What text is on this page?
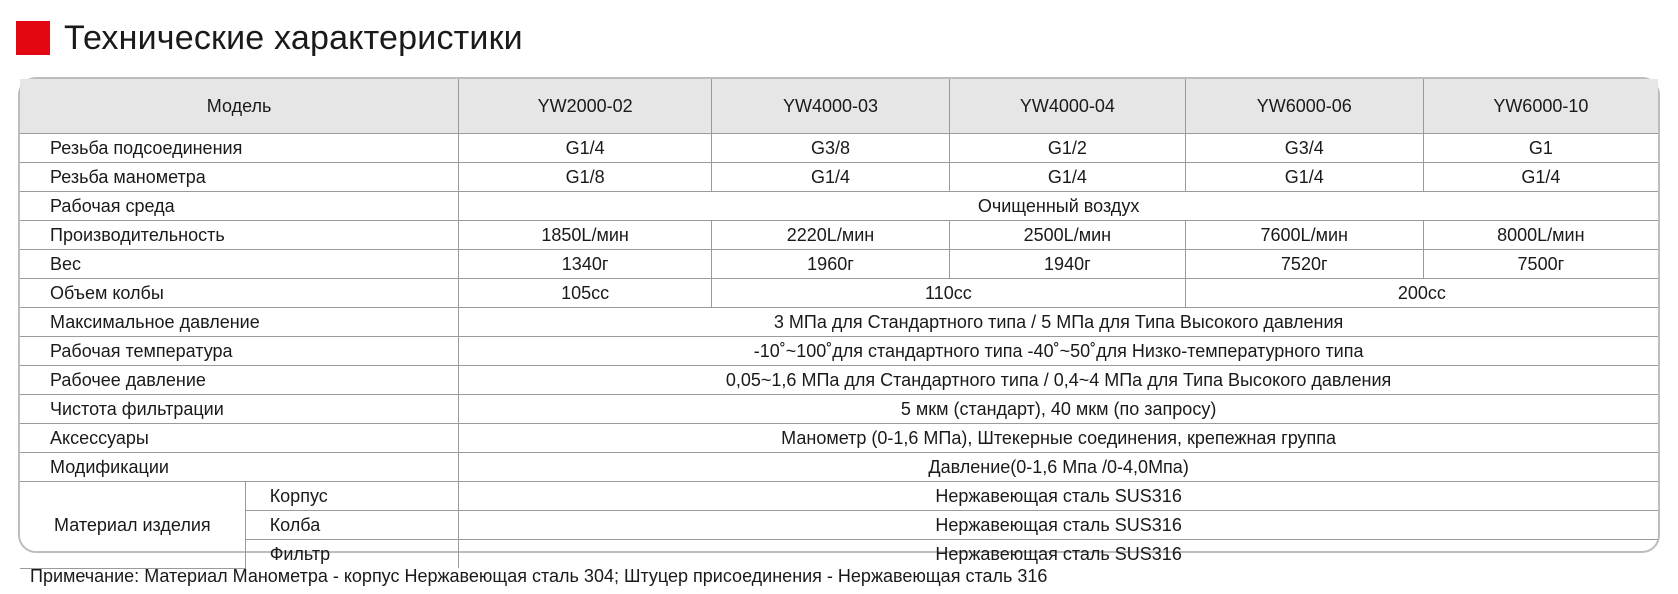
Технические характеристики
Модель		YW2000-02	YW4000-03	YW4000-04	YW6000-06	YW6000-10
Резьба подсоединения		G1/4	G3/8	G1/2	G3/4	G1
Резьба манометра		G1/8	G1/4	G1/4	G1/4	G1/4
Рабочая среда		Очищенный воздух				
Производительность		1850L/мин	2220L/мин	2500L/мин	7600L/мин	8000L/мин
Вес		1340г	1960г	1940г	7520г	7500г
Объем колбы		105cc	110cc		200cc	
Максимальное давление		3 МПа для Стандартного типа / 5 МПа для Типа Высокого давления				
Рабочая температура		-10˚~100˚для стандартного типа -40˚~50˚для Низко-температурного типа				
Рабочее давление		0,05~1,6 МПа для Стандартного типа / 0,4~4 МПа для Типа Высокого давления				
Чистота фильтрации		5 мкм (стандарт), 40 мкм (по запросу)				
Аксессуары		Манометр (0-1,6 МПа), Штекерные соединения, крепежная группа				
Модификации		Давление(0-1,6 Мпа /0-4,0Мпа)				
Материал изделия	Корпус	Нержавеющая сталь SUS316				
	Колба	Нержавеющая сталь SUS316				
	Фильтр	Нержавеющая сталь SUS316				
Примечание: Материал Манометра - корпус Нержавеющая сталь 304; Штуцер присоединения - Нержавеющая сталь 316
